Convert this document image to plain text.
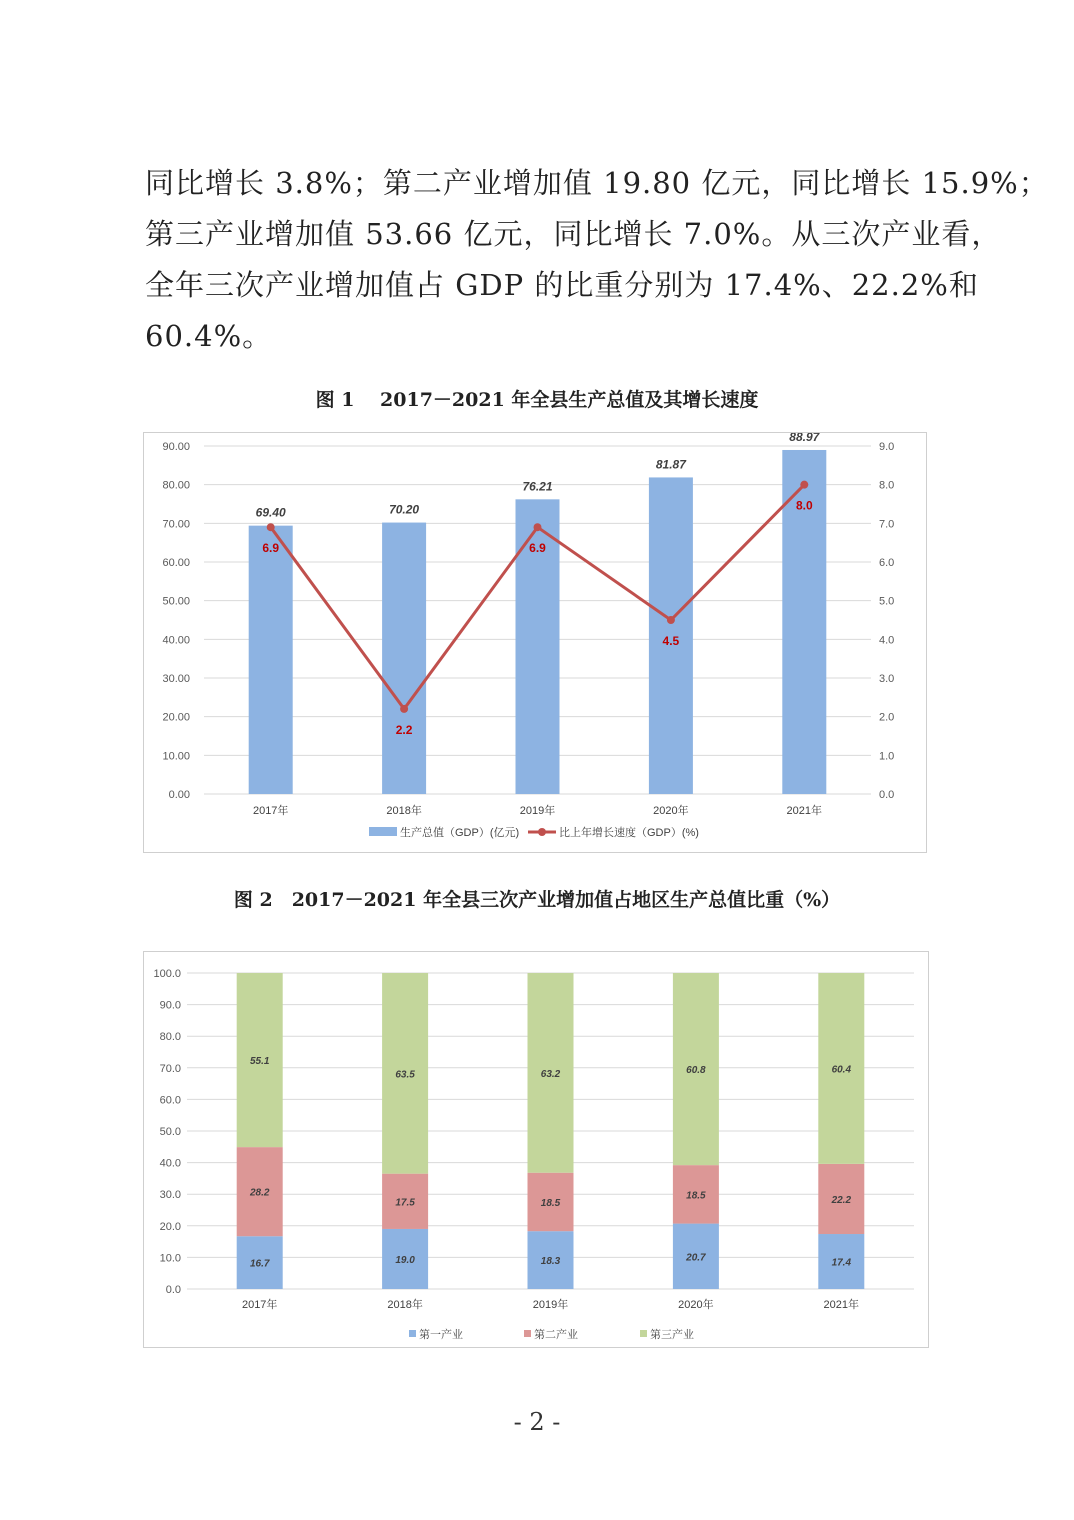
同比增长 3.8%；第二产业增加值 19.80 亿元，同比增长 15.9%；
第三产业增加值 53.66 亿元，同比增长 7.0%。从三次产业看，
全年三次产业增加值占 GDP 的比重分别为 17.4%、22.2%和
60.4%。
图 1　 2017－2021 年全县生产总值及其增长速度
0.00
10.00
20.00
30.00
40.00
50.00
60.00
70.00
80.00
90.00
0.0
1.0
2.0
3.0
4.0
5.0
6.0
7.0
8.0
9.0
69.40
2017年
70.20
2018年
76.21
2019年
81.87
2020年
88.97
2021年
6.9
2.2
6.9
4.5
8.0
生产总值（GDP）(亿元)	比上年增长速度（GDP）(%)
图 2　2017－2021 年全县三次产业增加值占地区生产总值比重（%）
0.0
10.0
20.0
30.0
40.0
50.0
60.0
70.0
80.0
90.0
100.0
16.7
28.2
55.1
2017年
19.0
17.5
63.5
2018年
18.3
18.5
63.2
2019年
20.7
18.5
60.8
2020年
17.4
22.2
60.4
2021年
第一产业	第二产业	第三产业
- 2 -
